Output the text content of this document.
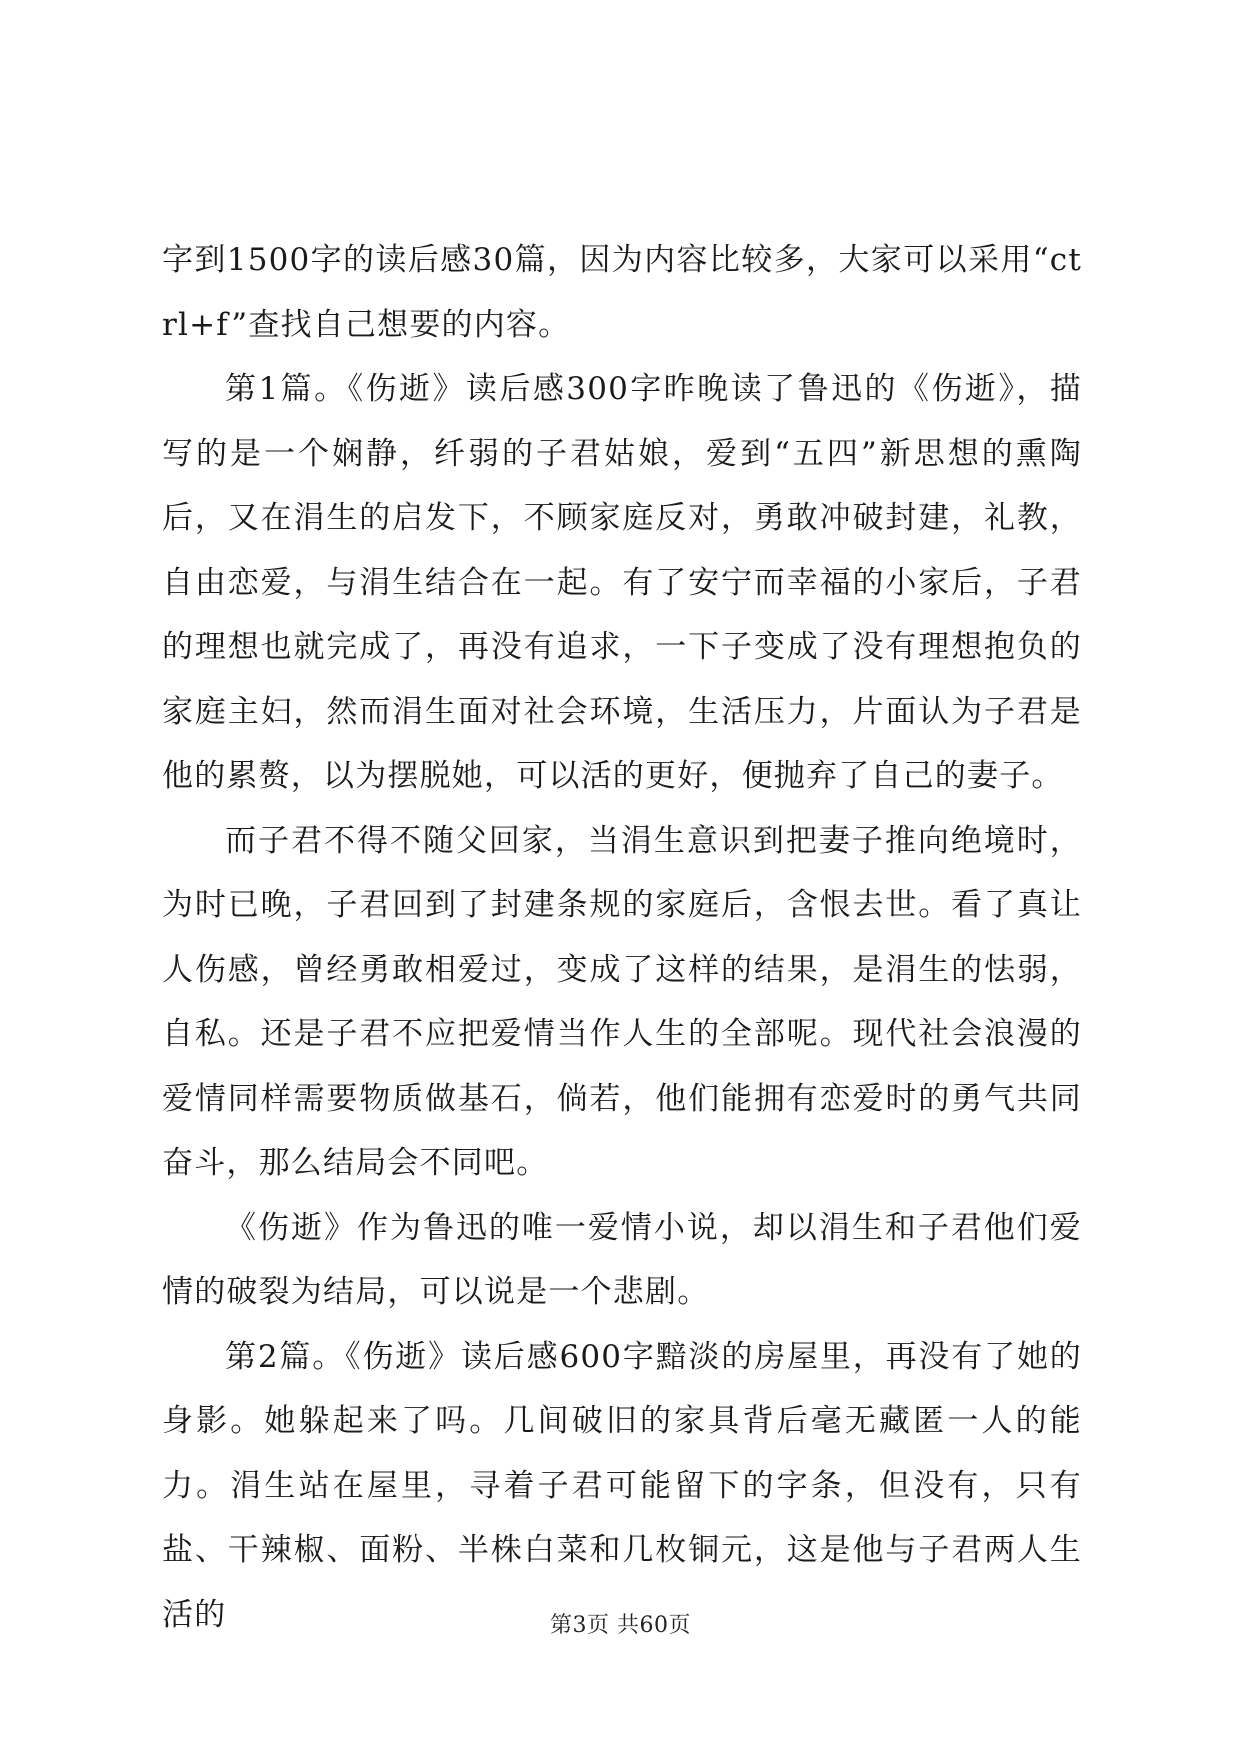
字到1500字的读后感30篇，因为内容比较多，大家可以采用“ctrl+f”查找自己想要的内容。

第1篇。《伤逝》读后感300字昨晚读了鲁迅的《伤逝》，描写的是一个娴静，纤弱的子君姑娘，爱到“五四”新思想的熏陶后，又在涓生的启发下，不顾家庭反对，勇敢冲破封建，礼教，自由恋爱，与涓生结合在一起。有了安宁而幸福的小家后，子君的理想也就完成了，再没有追求，一下子变成了没有理想抱负的家庭主妇，然而涓生面对社会环境，生活压力，片面认为子君是他的累赘，以为摆脱她，可以活的更好，便抛弃了自己的妻子。

而子君不得不随父回家，当涓生意识到把妻子推向绝境时，为时已晚，子君回到了封建条规的家庭后，含恨去世。看了真让人伤感，曾经勇敢相爱过，变成了这样的结果，是涓生的怯弱，自私。还是子君不应把爱情当作人生的全部呢。现代社会浪漫的爱情同样需要物质做基石，倘若，他们能拥有恋爱时的勇气共同奋斗，那么结局会不同吧。

《伤逝》作为鲁迅的唯一爱情小说，却以涓生和子君他们爱情的破裂为结局，可以说是一个悲剧。

第2篇。《伤逝》读后感600字黯淡的房屋里，再没有了她的身影。她躲起来了吗。几间破旧的家具背后毫无藏匿一人的能力。涓生站在屋里，寻着子君可能留下的字条，但没有，只有盐、干辣椒、面粉、半株白菜和几枚铜元，这是他与子君两人生活的	第3页 共60页
